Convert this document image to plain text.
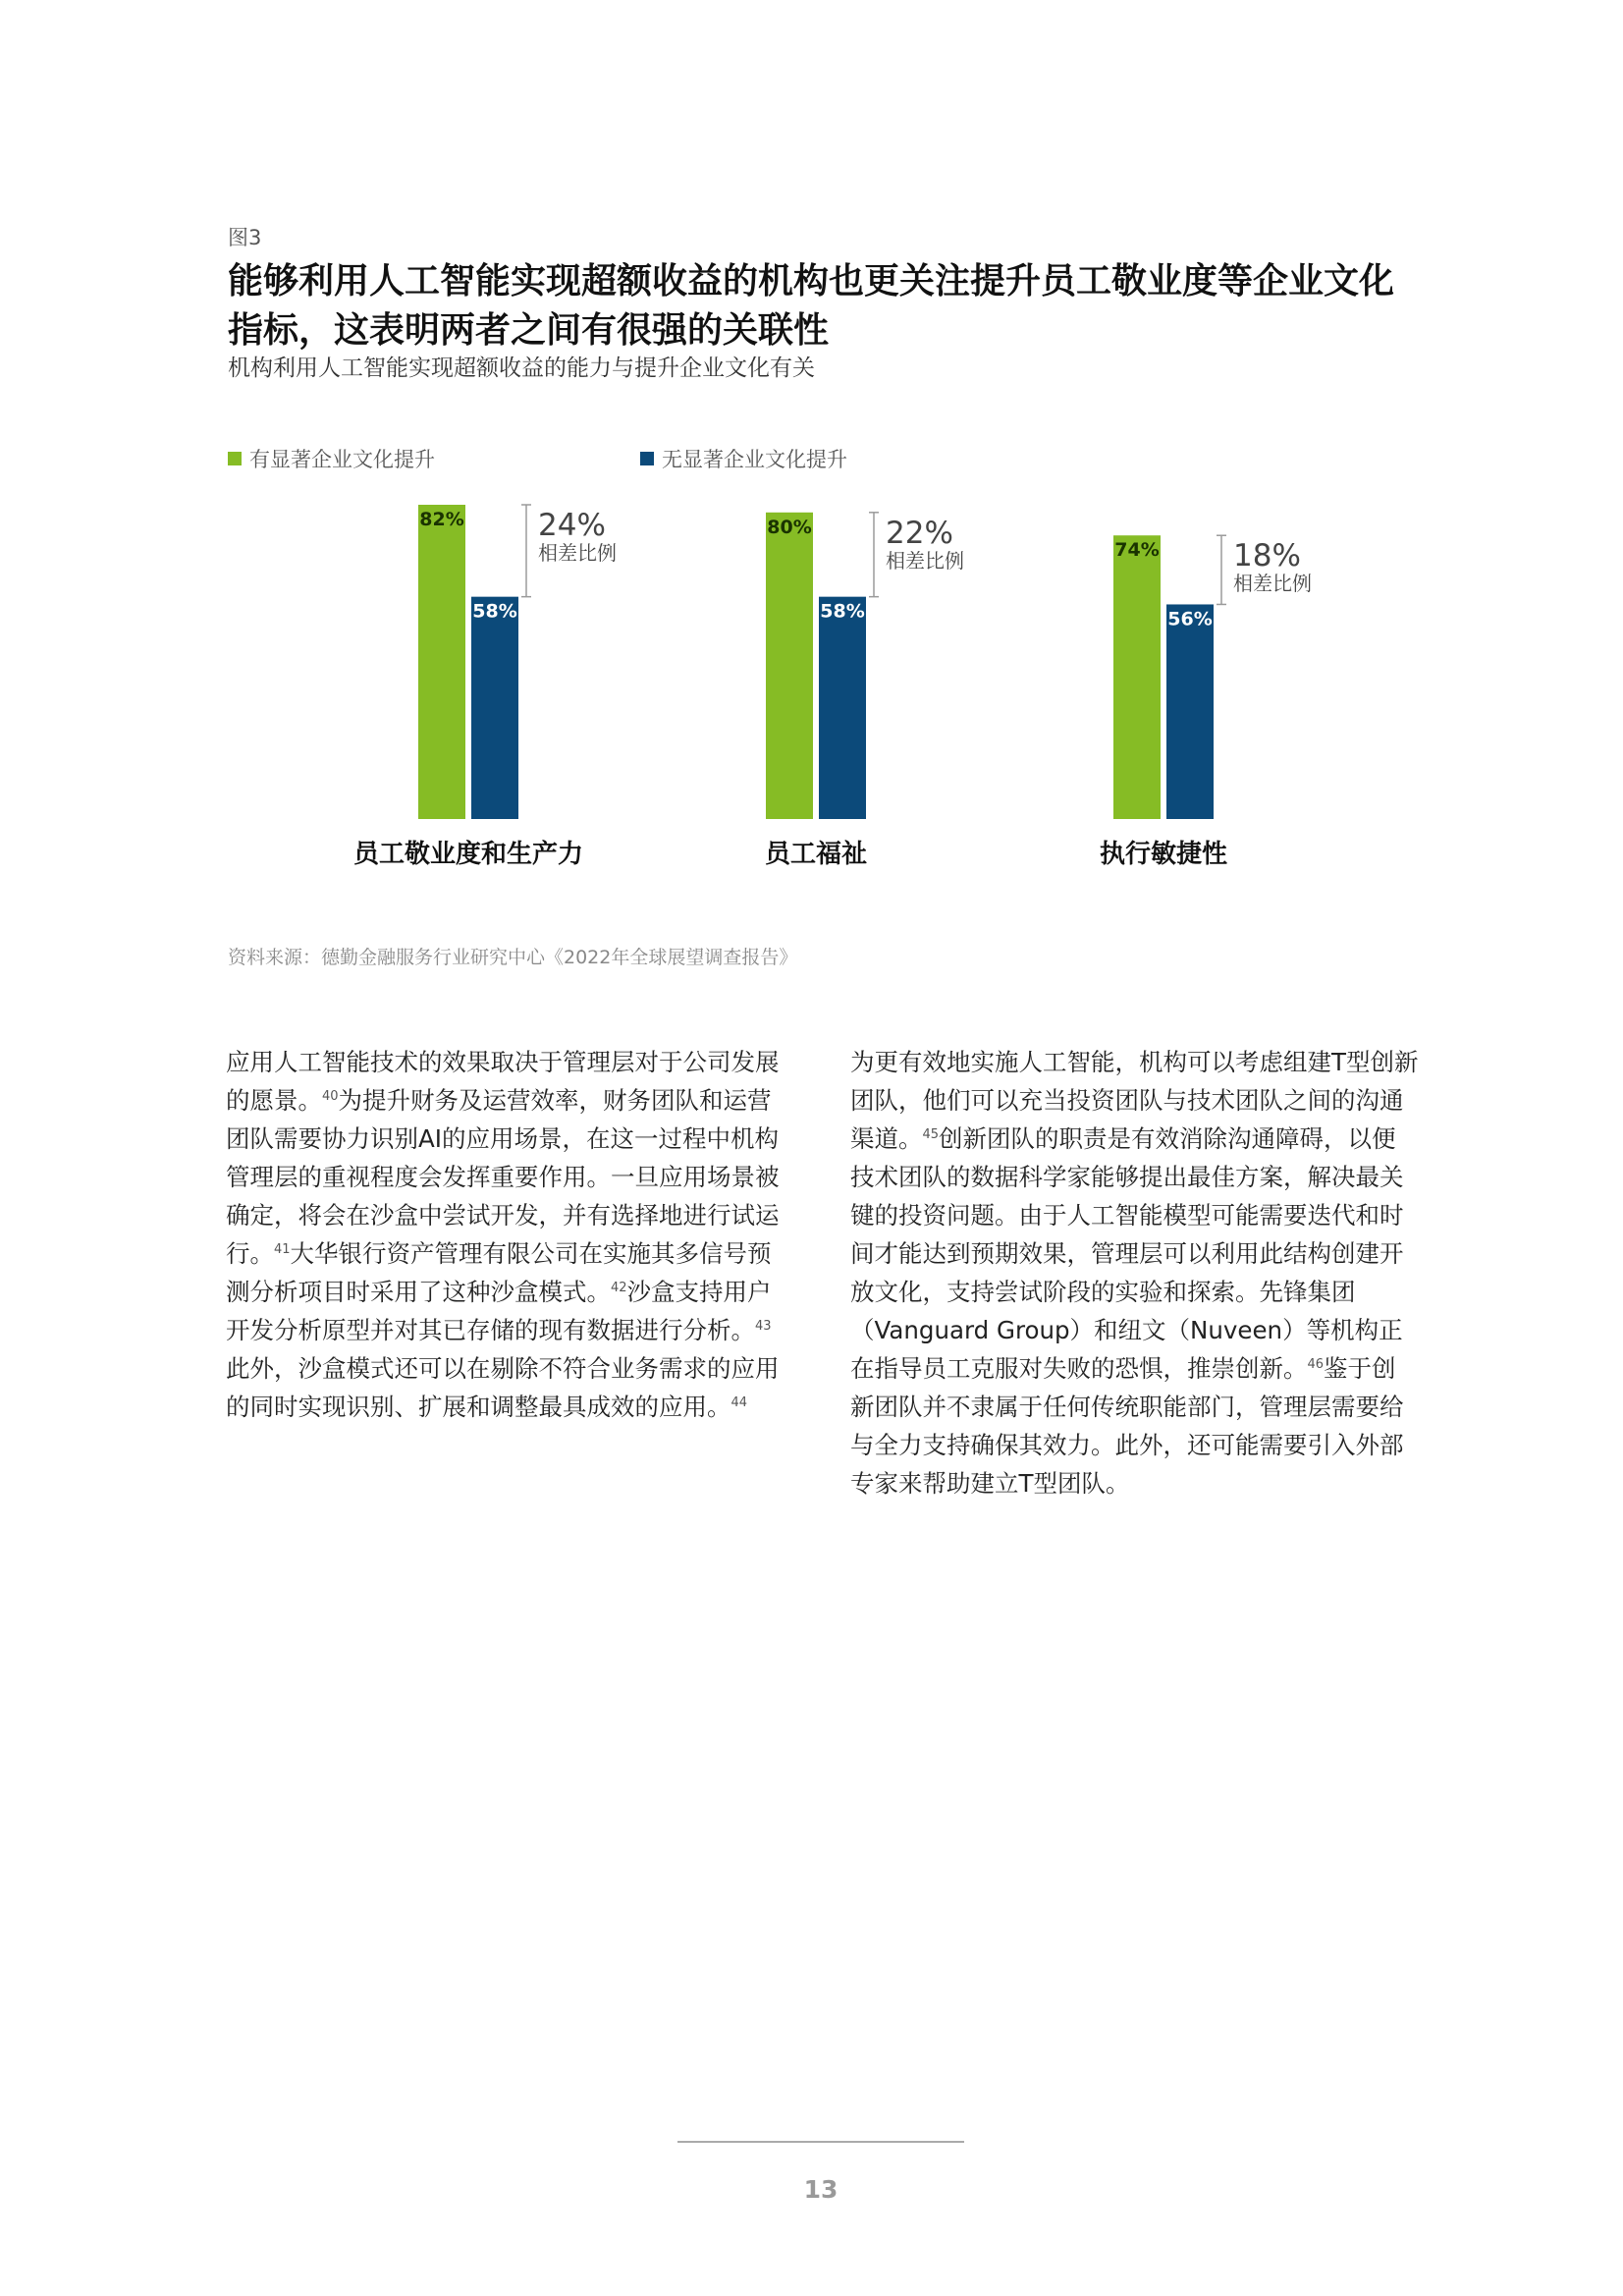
图3
能够利用人工智能实现超额收益的机构也更关注提升员工敬业度等企业文化指标，这表明两者之间有很强的关联性
机构利用人工智能实现超额收益的能力与提升企业文化有关
有显著企业文化提升	无显著企业文化提升
82%
58%
24%
相差比例
员工敬业度和生产力
80%
58%
22%
相差比例
员工福祉
74%
56%
18%
相差比例
执行敏捷性
资料来源：德勤金融服务行业研究中心《2022年全球展望调查报告》

应用人工智能技术的效果取决于管理层对于公司发展的愿景。$^{40}$为提升财务及运营效率，财务团队和运营团队需要协力识别AI的应用场景，在这一过程中机构管理层的重视程度会发挥重要作用。一旦应用场景被确定，将会在沙盒中尝试开发，并有选择地进行试运行。$^{41}$大华银行资产管理有限公司在实施其多信号预测分析项目时采用了这种沙盒模式。$^{42}$沙盒支持用户开发分析原型并对其已存储的现有数据进行分析。$^{43}$此外，沙盒模式还可以在剔除不符合业务需求的应用的同时实现识别、扩展和调整最具成效的应用。$^{44}$

为更有效地实施人工智能，机构可以考虑组建T型创新团队，他们可以充当投资团队与技术团队之间的沟通渠道。$^{45}$创新团队的职责是有效消除沟通障碍，以便技术团队的数据科学家能够提出最佳方案，解决最关键的投资问题。由于人工智能模型可能需要迭代和时间才能达到预期效果，管理层可以利用此结构创建开放文化，支持尝试阶段的实验和探索。先锋集团（Vanguard Group）和纽文（Nuveen）等机构正在指导员工克服对失败的恐惧，推崇创新。$^{46}$鉴于创新团队并不隶属于任何传统职能部门，管理层需要给与全力支持确保其效力。此外，还可能需要引入外部专家来帮助建立T型团队。

13
